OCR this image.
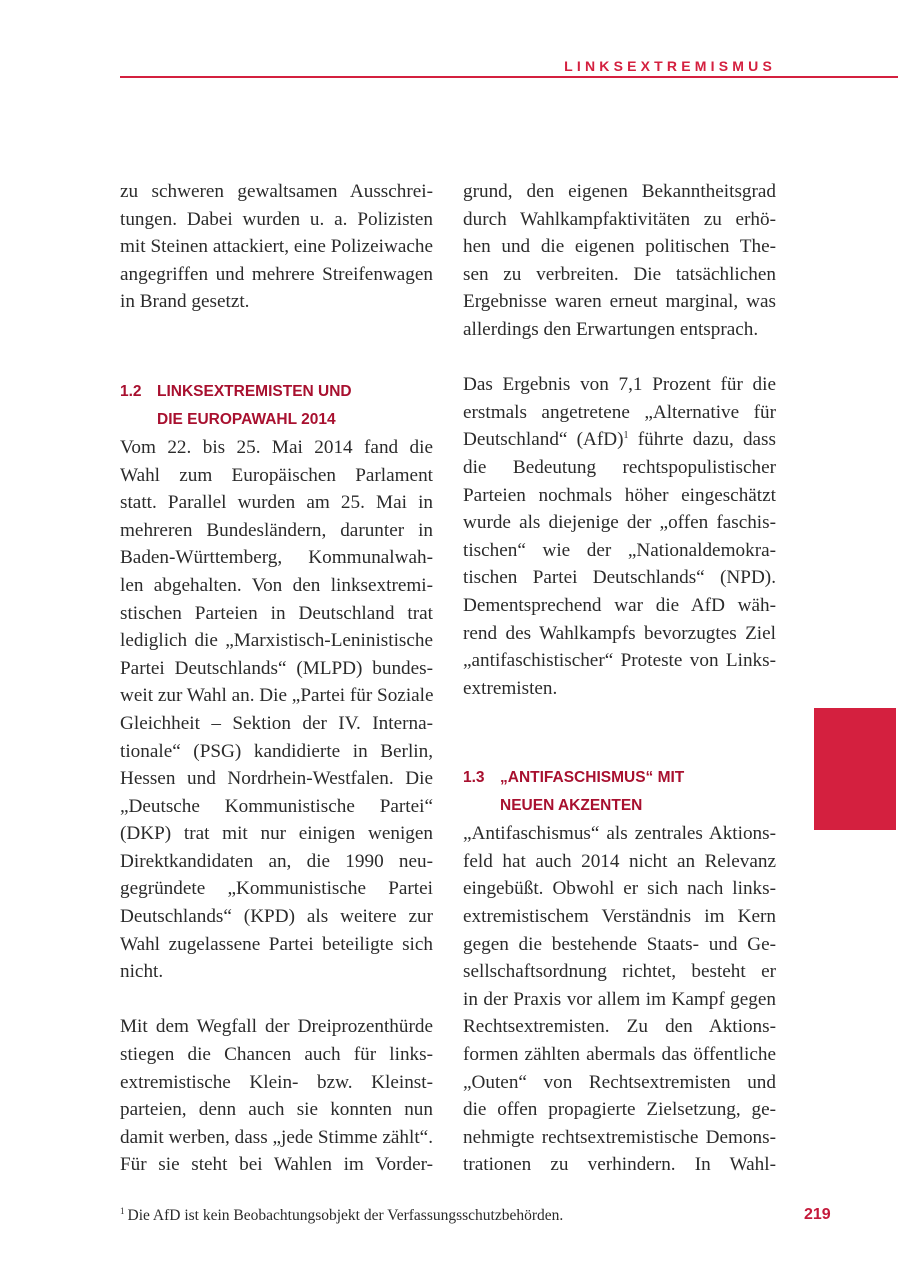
LINKSEXTREMISMUS

zu schweren gewaltsamen Ausschrei-
tungen. Dabei wurden u. a. Polizisten
mit Steinen attackiert, eine Polizeiwache
angegriffen und mehrere Streifenwagen
in Brand gesetzt.

1.2 LINKSEXTREMISTEN UND
DIE EUROPAWAHL 2014

Vom 22. bis 25. Mai 2014 fand die
Wahl zum Europäischen Parlament
statt. Parallel wurden am 25. Mai in
mehreren Bundesländern, darunter in
Baden-Württemberg, Kommunalwah-
len abgehalten. Von den linksextremi-
stischen Parteien in Deutschland trat
lediglich die „Marxistisch-Leninistische
Partei Deutschlands“ (MLPD) bundes-
weit zur Wahl an. Die „Partei für Soziale
Gleichheit – Sektion der IV. Interna-
tionale“ (PSG) kandidierte in Berlin,
Hessen und Nordrhein-Westfalen. Die
„Deutsche Kommunistische Partei“
(DKP) trat mit nur einigen wenigen
Direktkandidaten an, die 1990 neu-
gegründete „Kommunistische Partei
Deutschlands“ (KPD) als weitere zur
Wahl zugelassene Partei beteiligte sich
nicht.

Mit dem Wegfall der Dreiprozenthürde
stiegen die Chancen auch für links-
extremistische Klein- bzw. Kleinst-
parteien, denn auch sie konnten nun
damit werben, dass „jede Stimme zählt“.
Für sie steht bei Wahlen im Vorder-

grund, den eigenen Bekanntheitsgrad
durch Wahlkampfaktivitäten zu erhö-
hen und die eigenen politischen The-
sen zu verbreiten. Die tatsächlichen
Ergebnisse waren erneut marginal, was
allerdings den Erwartungen entsprach.

Das Ergebnis von 7,1 Prozent für die
erstmals angetretene „Alternative für
Deutschland“ (AfD)$^1$ führte dazu, dass
die Bedeutung rechtspopulistischer
Parteien nochmals höher eingeschätzt
wurde als diejenige der „offen faschis-
tischen“ wie der „Nationaldemokra-
tischen Partei Deutschlands“ (NPD).
Dementsprechend war die AfD wäh-
rend des Wahlkampfs bevorzugtes Ziel
„antifaschistischer“ Proteste von Links-
extremisten.

1.3 „ANTIFASCHISMUS“ MIT
NEUEN AKZENTEN

„Antifaschismus“ als zentrales Aktions-
feld hat auch 2014 nicht an Relevanz
eingebüßt. Obwohl er sich nach links-
extremistischem Verständnis im Kern
gegen die bestehende Staats- und Ge-
sellschaftsordnung richtet, besteht er
in der Praxis vor allem im Kampf gegen
Rechtsextremisten. Zu den Aktions-
formen zählten abermals das öffentliche
„Outen“ von Rechtsextremisten und
die offen propagierte Zielsetzung, ge-
nehmigte rechtsextremistische Demons-
trationen zu verhindern. In Wahl-

$^1$ Die AfD ist kein Beobachtungsobjekt der Verfassungsschutzbehörden.	219
